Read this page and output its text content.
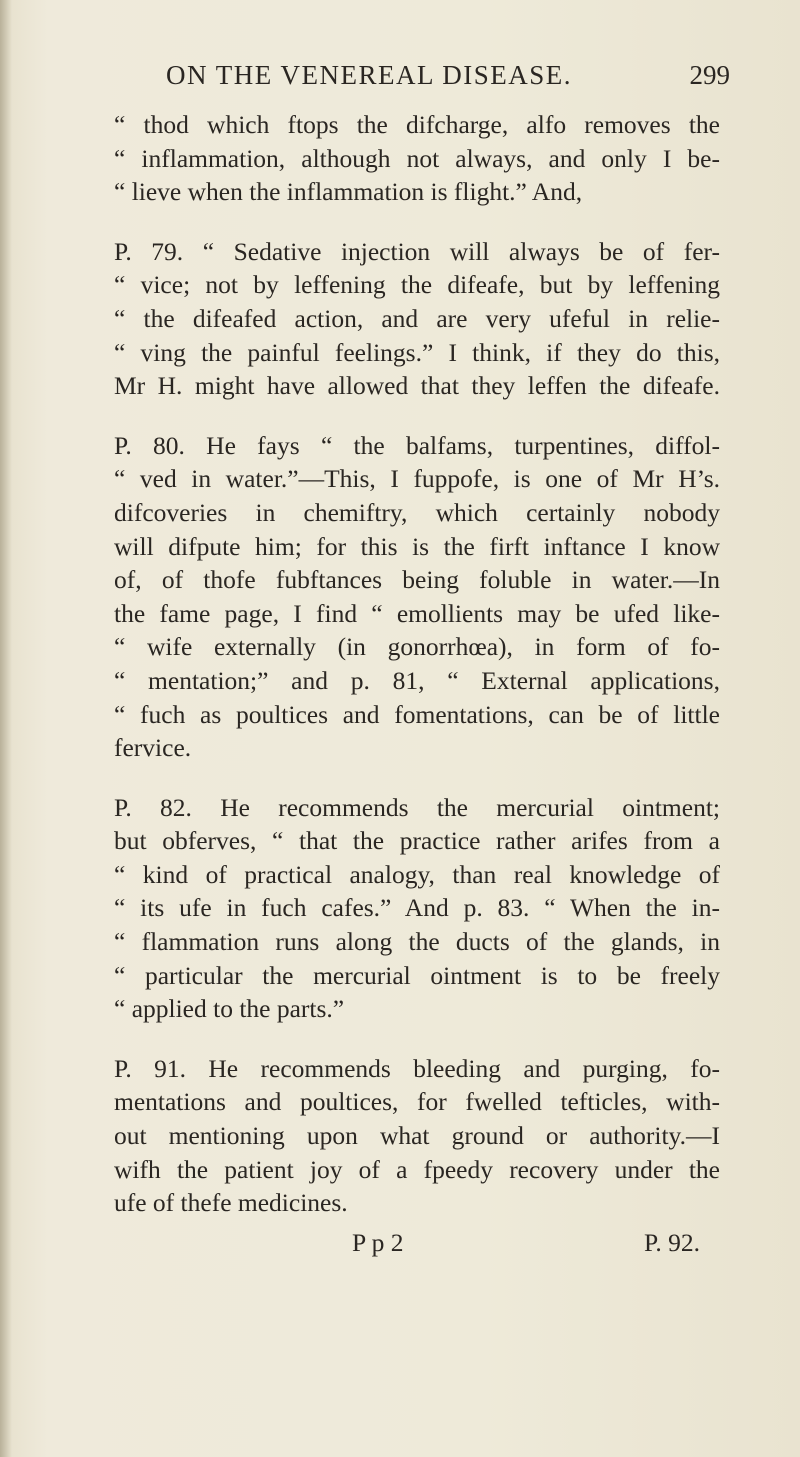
ON THE VENEREAL DISEASE.	299
“ thod which ftops the difcharge, alfo removes the
“ inflammation, although not always, and only I be-
“ lieve when the inflammation is flight.” And,
P. 79. “ Sedative injection will always be of fer-
“ vice; not by leffening the difeafe, but by leffening
“ the difeafed action, and are very ufeful in relie-
“ ving the painful feelings.” I think, if they do this,
Mr H. might have allowed that they leffen the difeafe.
P. 80. He fays “ the balfams, turpentines, diffol-
“ ved in water.”—This, I fuppofe, is one of Mr H’s.
difcoveries in chemiftry, which certainly nobody
will difpute him; for this is the firft inftance I know
of, of thofe fubftances being foluble in water.—In
the fame page, I find “ emollients may be ufed like-
“ wife externally (in gonorrhœa), in form of fo-
“ mentation;” and p. 81, “ External applications,
“ fuch as poultices and fomentations, can be of little
fervice.
P. 82. He recommends the mercurial ointment;
but obferves, “ that the practice rather arifes from a
“ kind of practical analogy, than real knowledge of
“ its ufe in fuch cafes.” And p. 83. “ When the in-
“ flammation runs along the ducts of the glands, in
“ particular the mercurial ointment is to be freely
“ applied to the parts.”
P. 91. He recommends bleeding and purging, fo-
mentations and poultices, for fwelled tefticles, with-
out mentioning upon what ground or authority.—I
wifh the patient joy of a fpeedy recovery under the
ufe of thefe medicines.
P p 2	P. 92.
